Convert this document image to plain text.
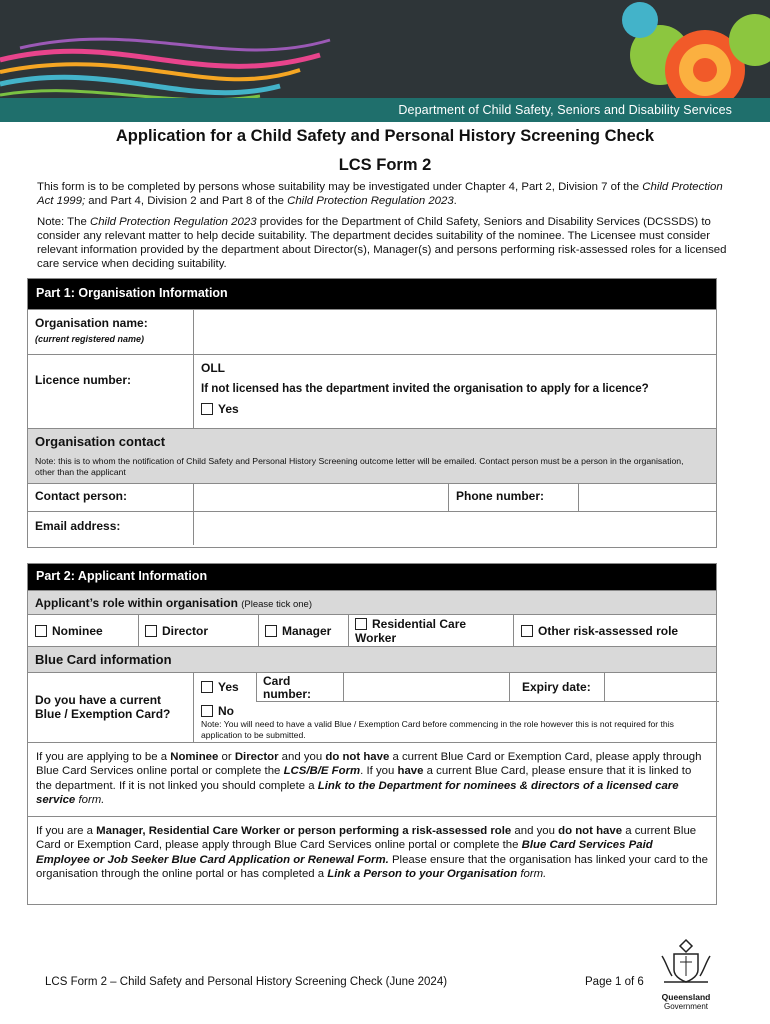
Department of Child Safety, Seniors and Disability Services
Application for a Child Safety and Personal History Screening Check
LCS Form 2
This form is to be completed by persons whose suitability may be investigated under Chapter 4, Part 2, Division 7 of the Child Protection Act 1999; and Part 4, Division 2 and Part 8 of the Child Protection Regulation 2023.
Note: The Child Protection Regulation 2023 provides for the Department of Child Safety, Seniors and Disability Services (DCSSDS) to consider any relevant matter to help decide suitability. The department decides suitability of the nominee. The Licensee must consider relevant information provided by the department about Director(s), Manager(s) and persons performing risk-assessed roles for a licensed care service when deciding suitability.
Part 1: Organisation Information
Organisation name:
(current registered name)
Licence number:
OLL
If not licensed has the department invited the organisation to apply for a licence?
Yes
Organisation contact
Note: this is to whom the notification of Child Safety and Personal History Screening outcome letter will be emailed. Contact person must be a person in the organisation, other than the applicant
Contact person:	Phone number:
Email address:
Part 2: Applicant Information
Applicant’s role within organisation (Please tick one)
Nominee	Director	Manager	Residential Care Worker	Other risk-assessed role
Blue Card information
Do you have a current Blue / Exemption Card?
Yes	Card number:	Expiry date:
No
Note: You will need to have a valid Blue / Exemption Card before commencing in the role however this is not required for this application to be submitted.
If you are applying to be a Nominee or Director and you do not have a current Blue Card or Exemption Card, please apply through Blue Card Services online portal or complete the LCS/B/E Form. If you have a current Blue Card, please ensure that it is linked to the department. If it is not linked you should complete a Link to the Department for nominees & directors of a licensed care service form.
If you are a Manager, Residential Care Worker or person performing a risk-assessed role and you do not have a current Blue Card or Exemption Card, please apply through Blue Card Services online portal or complete the Blue Card Services Paid Employee or Job Seeker Blue Card Application or Renewal Form. Please ensure that the organisation has linked your card to the organisation through the online portal or has completed a Link a Person to your Organisation form.
LCS Form 2 – Child Safety and Personal History Screening Check (June 2024)	Page 1 of 6
Queensland
Government
